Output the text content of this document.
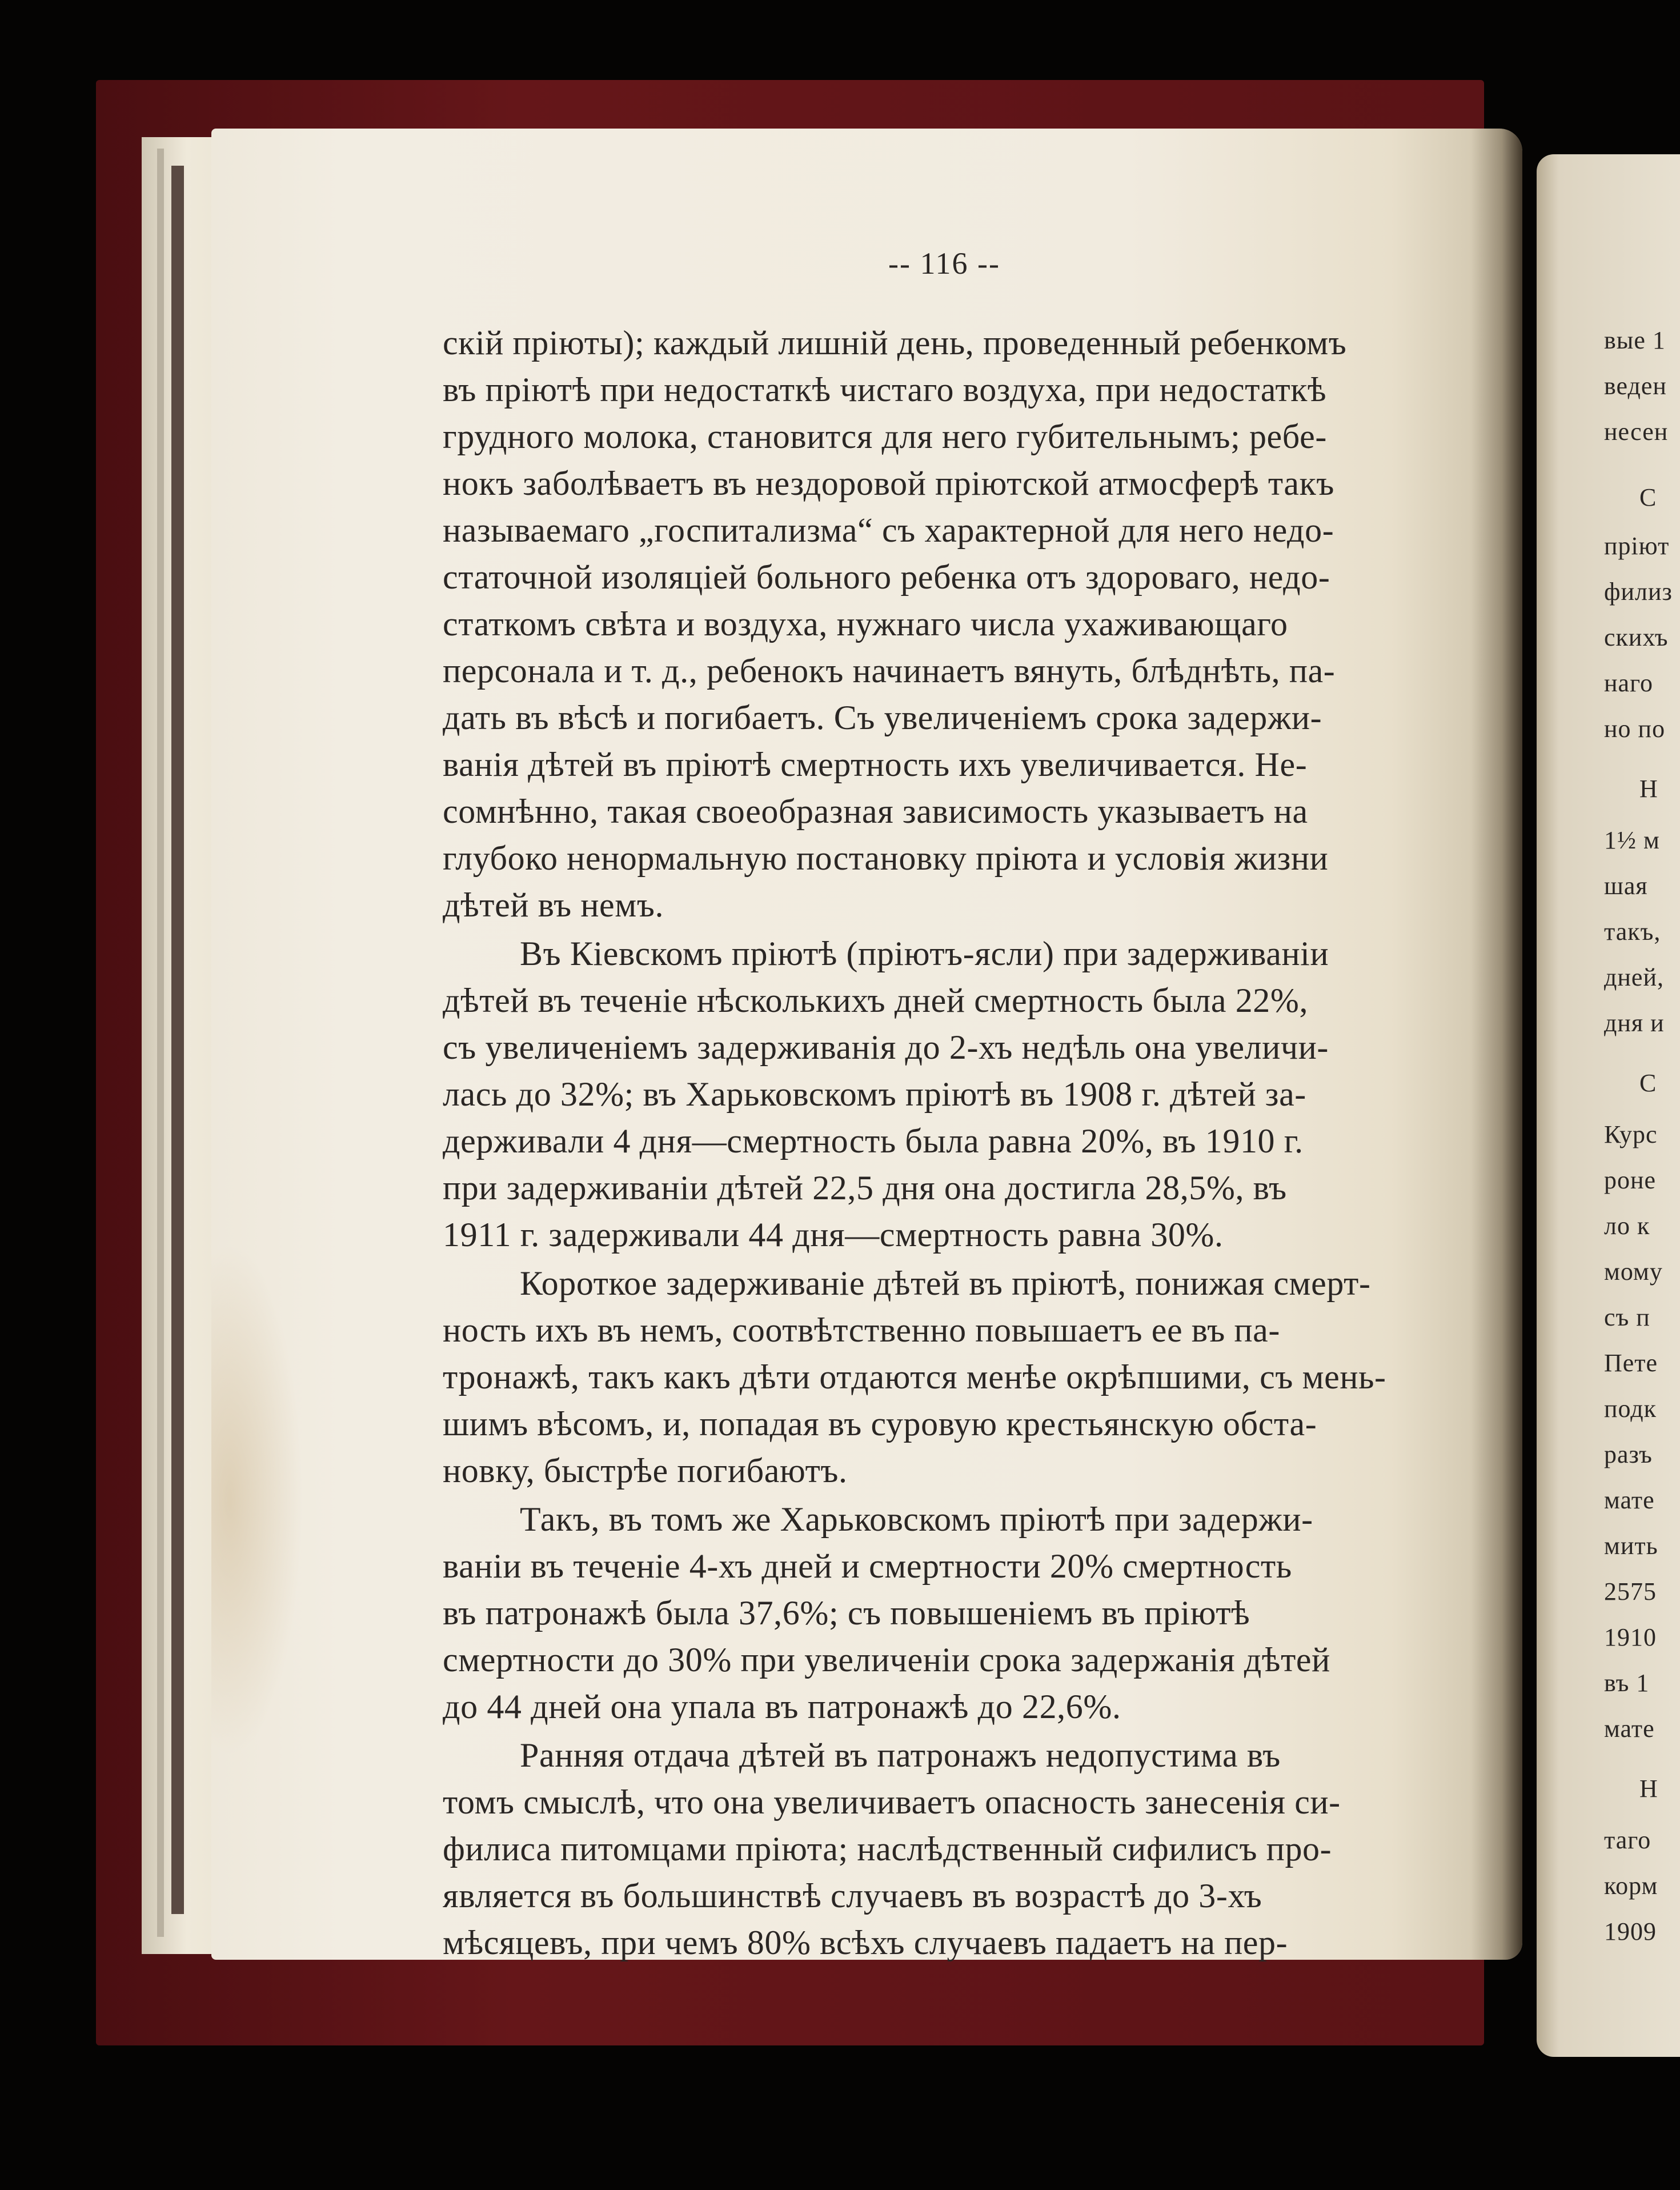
вые 1
веден
несен
С
пріют
филиз
скихъ
наго
но по
Н
1½ м
шая
такъ,
дней,
дня и
С
Курс
роне
ло к
мому
съ п
Пете
подк
разъ
мате
мить
2575
1910
въ 1
мате
Н
таго
корм
1909
-- 116 --
скій пріюты); каждый лишній день, проведенный ребенкомъ
въ пріютѣ при недостаткѣ чистаго воздуха, при недостаткѣ
грудного молока, становится для него губительнымъ; ребе-
нокъ заболѣваетъ въ нездоровой пріютской атмосферѣ такъ
называемаго „госпитализма“ съ характерной для него недо-
статочной изоляціей больного ребенка отъ здороваго, недо-
статкомъ свѣта и воздуха, нужнаго числа ухаживающаго
персонала и т. д., ребенокъ начинаетъ вянуть, блѣднѣть, па-
дать въ вѣсѣ и погибаетъ. Съ увеличеніемъ срока задержи-
ванія дѣтей въ пріютѣ смертность ихъ увеличивается. Не-
сомнѣнно, такая своеобразная зависимость указываетъ на
глубоко ненормальную постановку пріюта и условія жизни
дѣтей въ немъ.
Въ Кіевскомъ пріютѣ (пріютъ-ясли) при задерживаніи
дѣтей въ теченіе нѣсколькихъ дней смертность была 22%,
съ увеличеніемъ задерживанія до 2-хъ недѣль она увеличи-
лась до 32%; въ Харьковскомъ пріютѣ въ 1908 г. дѣтей за-
держивали 4 дня—смертность была равна 20%, въ 1910 г.
при задерживаніи дѣтей 22,5 дня она достигла 28,5%, въ
1911 г. задерживали 44 дня—смертность равна 30%.
Короткое задерживаніе дѣтей въ пріютѣ, понижая смерт-
ность ихъ въ немъ, соотвѣтственно повышаетъ ее въ па-
тронажѣ, такъ какъ дѣти отдаются менѣе окрѣпшими, съ мень-
шимъ вѣсомъ, и, попадая въ суровую крестьянскую обста-
новку, быстрѣе погибаютъ.
Такъ, въ томъ же Харьковскомъ пріютѣ при задержи-
ваніи въ теченіе 4-хъ дней и смертности 20% смертность
въ патронажѣ была 37,6%; съ повышеніемъ въ пріютѣ
смертности до 30% при увеличеніи срока задержанія дѣтей
до 44 дней она упала въ патронажѣ до 22,6%.
Ранняя отдача дѣтей въ патронажъ недопустима въ
томъ смыслѣ, что она увеличиваетъ опасность занесенія си-
филиса питомцами пріюта; наслѣдственный сифилисъ про-
является въ большинствѣ случаевъ въ возрастѣ до 3-хъ
мѣсяцевъ, при чемъ 80% всѣхъ случаевъ падаетъ на пер-
